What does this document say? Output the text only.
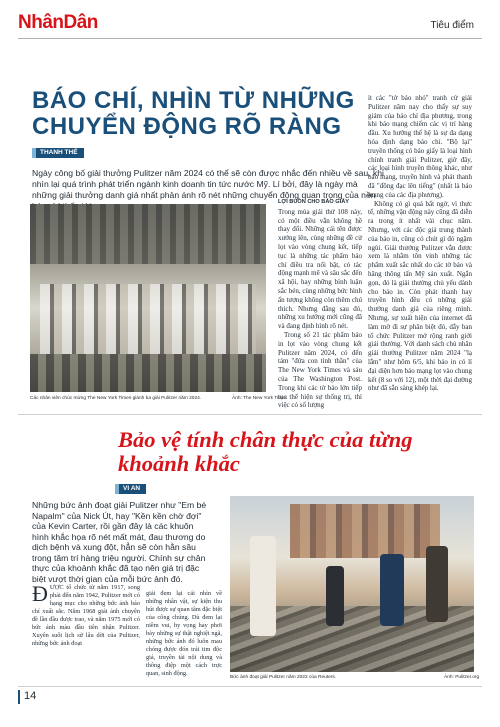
NhânDân	Tiêu điểm
BÁO CHÍ, NHÌN TỪ NHỮNG CHUYỂN ĐỘNG RÕ RÀNG
THANH THẾ
Ngày công bố giải thưởng Pulitzer năm 2024 có thể sẽ còn được nhắc đến nhiều về sau, khi nhìn lại quá trình phát triển ngành kinh doanh tin tức nước Mỹ. Lí bởi, đây là ngày mà những giải thưởng danh giá nhất phản ánh rõ nét những chuyển động quan trọng của nền
Các nhân viên chúc mừng The New York Times giành ba giải Pulitzer năm 2024.	Ảnh: The New York Times
LỢI BUỒN CHO BÁO GIẤY

Trong mùa giải thứ 108 này, có một điều vẫn không hề thay đổi. Những cái tên được xướng lên, cùng những đề cử lọt vào vòng chung kết, tiếp tục là những tác phẩm báo chí điều tra nổi bật, có tác động mạnh mẽ và sâu sắc đến xã hội, hay những bình luận sắc bén, cùng những bức hình ấn tượng không còn thêm chú thích. Nhưng đằng sau đó, những xu hướng mới cũng đã và đang định hình rõ nét.

Trong số 21 tác phẩm báo in lọt vào vòng chung kết Pulitzer năm 2024, có đến tám "đứa con tinh thần" của The New York Times và sáu của The Washington Post. Trong khi các tờ báo lớn tiếp tục thể hiện sự thống trị, thì việc có số lượng

ít các "tờ báo nhỏ" tranh cử giải Pulitzer năm nay cho thấy sự suy giảm của báo chí địa phương, trong khi báo mạng chiếm các vị trí hàng đầu. Xu hướng thế hệ là sự đa dạng hóa định dạng báo chí. "Bộ lại" truyền thống có báo giấy là loại hình chính tranh giải Pulitzer, giờ đây, các loại hình truyền thông khác, như báo mạng, truyền hình và phát thanh đã "đồng đạc lên tiếng" (nhất là báo mạng của các địa phương).

Không có gì quá bất ngờ, vì thực tế, những vận động này cũng đã diễn ra trong ít nhất vài chục năm. Nhưng, với các độc giả trung thành của báo in, cũng có chút gì đó ngậm ngùi. Giải thưởng Pulitzer vẫn được xem là nhằm tôn vinh những tác phẩm xuất sắc nhất do các tờ báo và hãng thông tấn Mỹ sản xuất. Ngắn gọn, đó là giải thưởng chủ yếu dành cho báo in. Còn phát thanh hay truyền hình đều có những giải thưởng danh giá của riêng mình. Nhưng, sự xuất hiện của internet đã làm mờ đi sự phân biệt đó, dẫy ban tổ chức Pulitzer mở rộng ranh giới giải thưởng. Với danh sách chủ nhân giải thưởng Pulitzer năm 2024 "lạ lẫm" như hôm 6/5, khi báo in có lí đại diện hơn báo mạng lọt vào chung kết (8 so với 12), một thời đại đường như đã sẵn sàng khép lại.

Bảo vệ tính chân thực của từng khoảnh khắc
VI AN
Những bức ảnh đoạt giải Pulitzer như "Em bé Napalm" của Nick Út, hay "Kền kền chờ đợi" của Kevin Carter, rồi gần đây là các khuôn hình khắc họa rõ nét mất mát, đau thương do dịch bệnh và xung đột, hẳn sẽ còn hằn sâu trong tâm trí hàng triệu người. Chính sự chân thực của khoảnh khắc đã tạo nên giá trị đặc biệt vượt thời gian của mỗi bức ảnh đó.
ĐƯỢC tổ chức từ năm 1917, song phải đến năm 1942, Pulitzer mới có hạng mục cho những bức ảnh báo chí xuất sắc. Năm 1968 giải ảnh chuyên đề lần đầu được trao, và năm 1975 mới có bức ảnh màu đầu tiên nhận Pulitzer. Xuyên suốt lịch sử lâu dời của Pulitzer, những bức ảnh đoạt
giải đem lại cái nhìn về những nhân vật, sự kiện thu hút được sự quan tâm đặc biệt của công chúng. Dù đem lại niềm vui, hy vọng hay phơi bày những sự thật nghiệt ngã, những bức ảnh đó luôn mau chóng được đón trái tim độc giả, truyền tải nội dung và thông điệp một cách trực quan, sinh động.
Bức ảnh đoạt giải Pulitzer năm 2022 của Reuters.	Ảnh: Pulitzer.org
14
